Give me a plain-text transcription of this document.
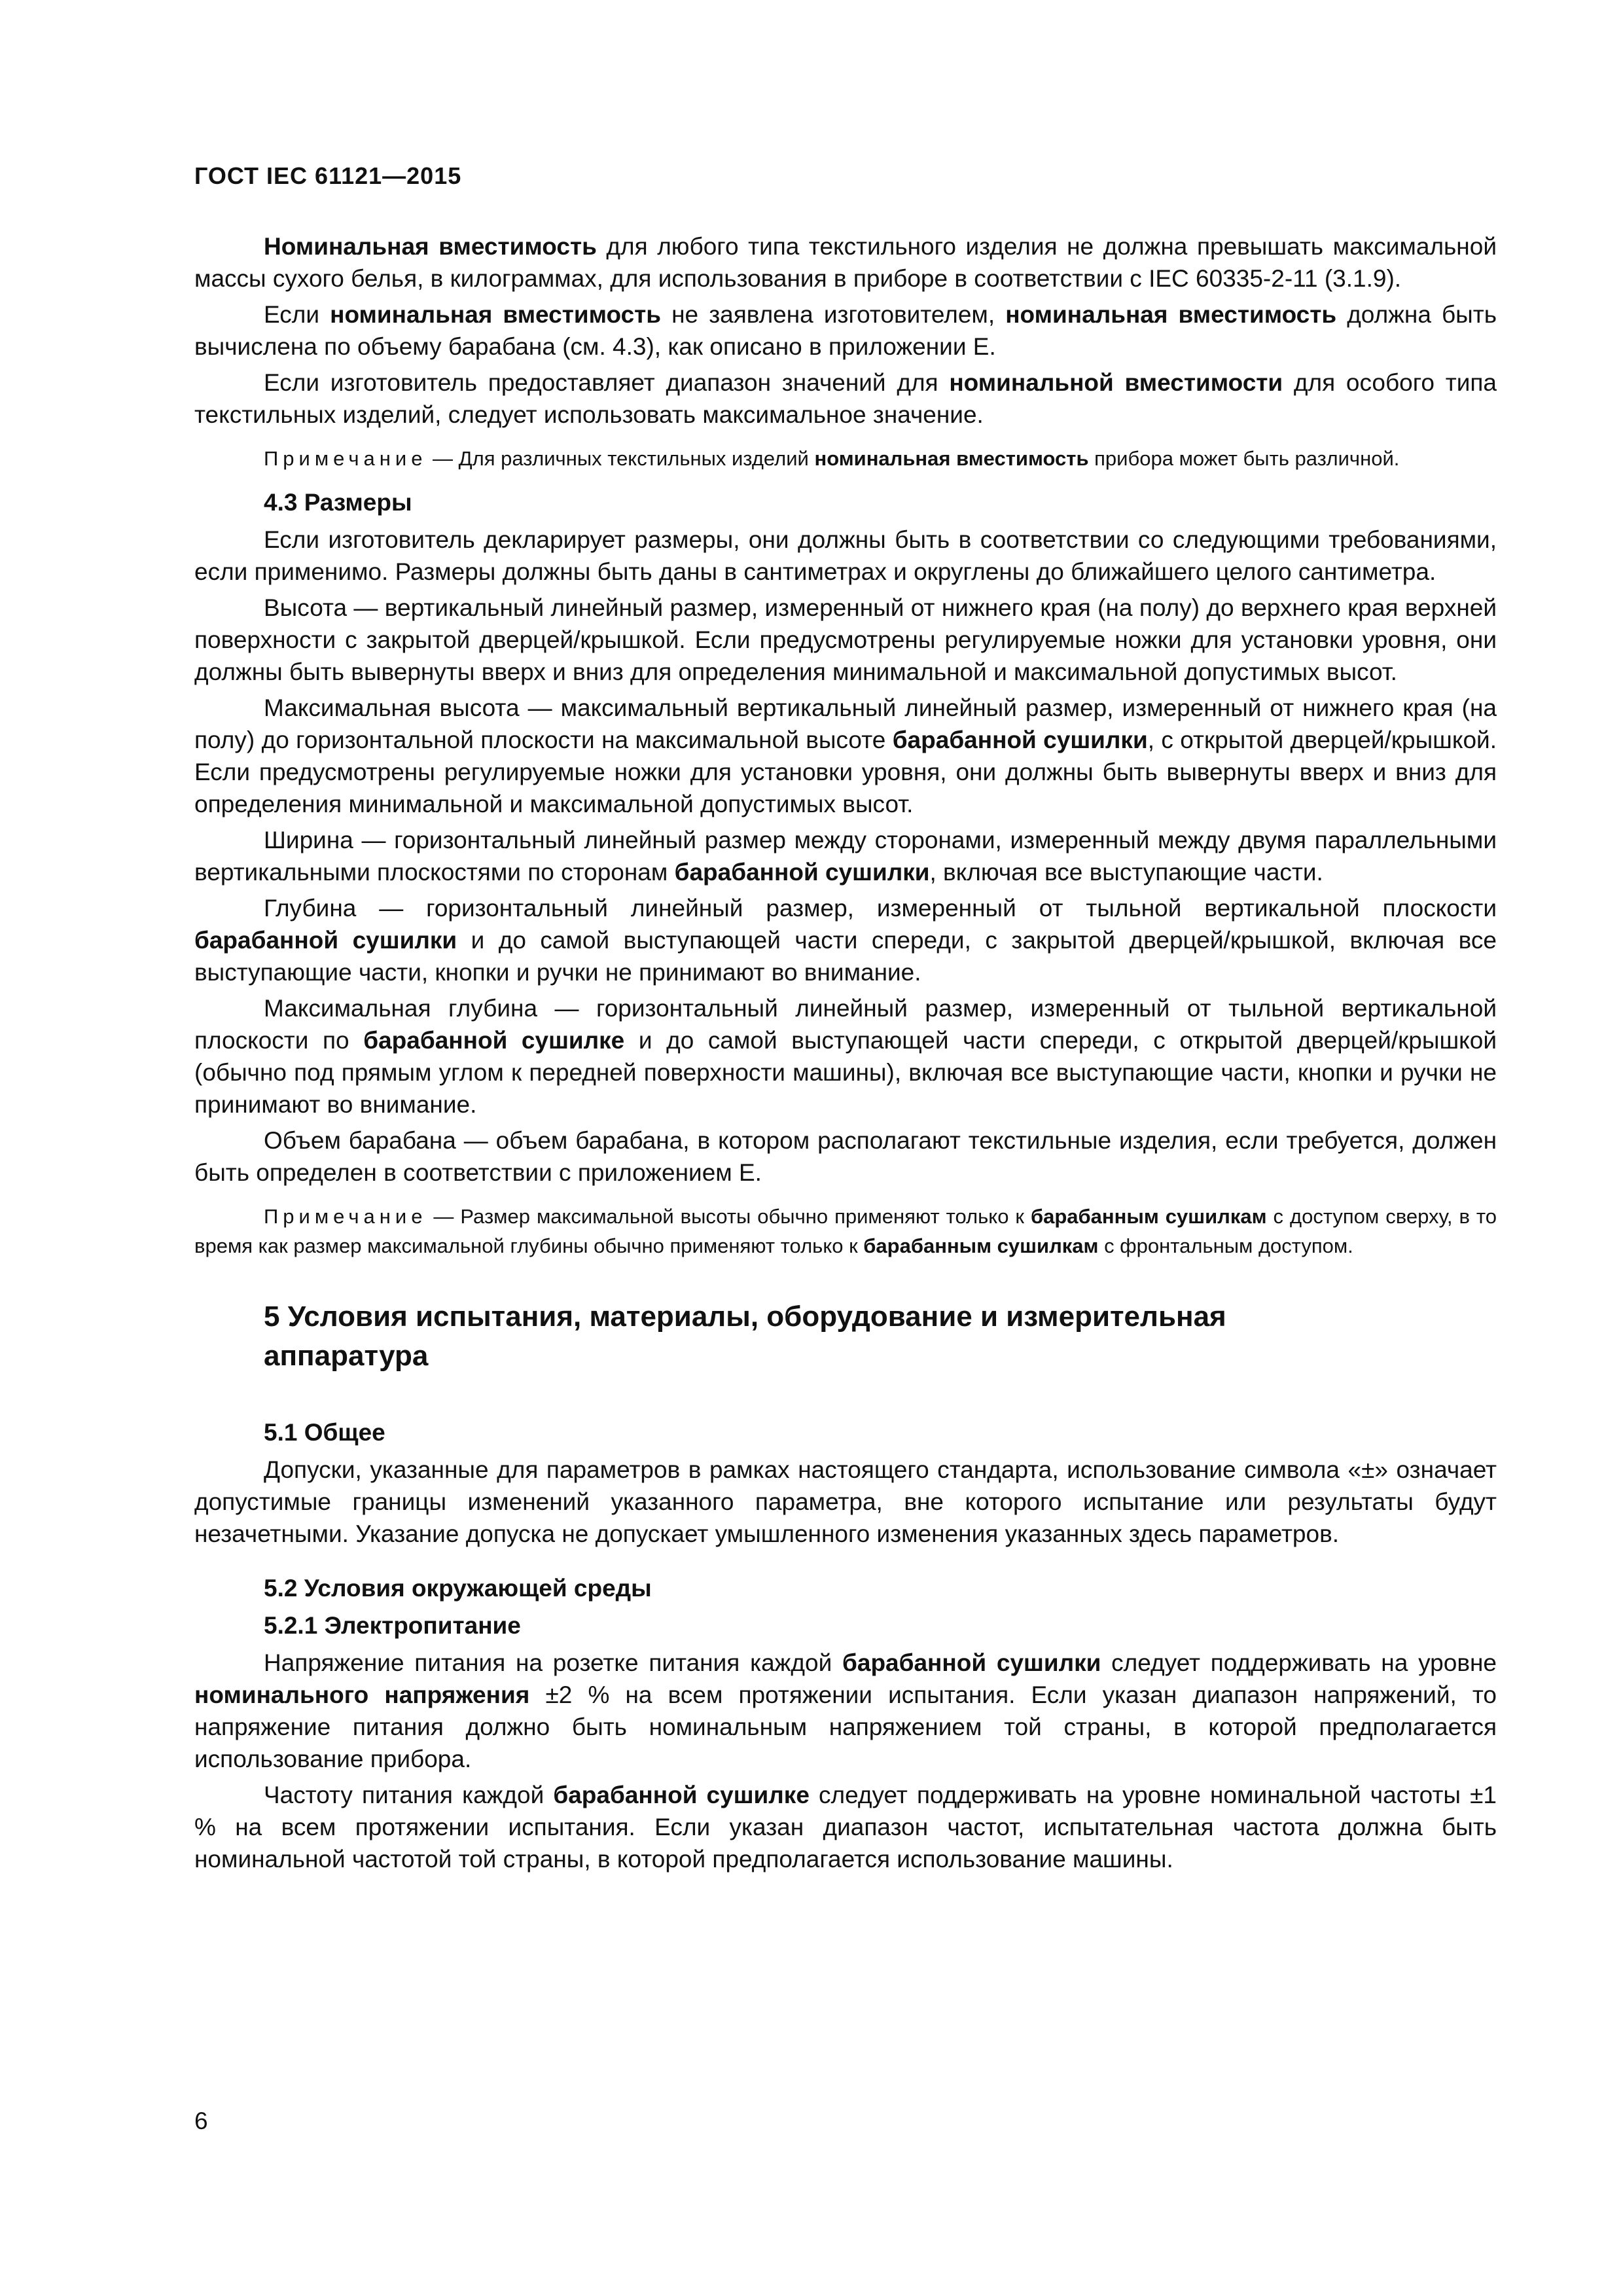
ГОСТ IEC 61121—2015

Номинальная вместимость для любого типа текстильного изделия не должна превышать максимальной массы сухого белья, в килограммах, для использования в приборе в соответствии с IEC 60335-2-11 (3.1.9).

Если номинальная вместимость не заявлена изготовителем, номинальная вместимость должна быть вычислена по объему барабана (см. 4.3), как описано в приложении Е.

Если изготовитель предоставляет диапазон значений для номинальной вместимости для особого типа текстильных изделий, следует использовать максимальное значение.

Примечание — Для различных текстильных изделий номинальная вместимость прибора может быть различной.

4.3 Размеры

Если изготовитель декларирует размеры, они должны быть в соответствии со следующими требованиями, если применимо. Размеры должны быть даны в сантиметрах и округлены до ближайшего целого сантиметра.

Высота — вертикальный линейный размер, измеренный от нижнего края (на полу) до верхнего края верхней поверхности с закрытой дверцей/крышкой. Если предусмотрены регулируемые ножки для установки уровня, они должны быть вывернуты вверх и вниз для определения минимальной и максимальной допустимых высот.

Максимальная высота — максимальный вертикальный линейный размер, измеренный от нижнего края (на полу) до горизонтальной плоскости на максимальной высоте барабанной сушилки, с открытой дверцей/крышкой. Если предусмотрены регулируемые ножки для установки уровня, они должны быть вывернуты вверх и вниз для определения минимальной и максимальной допустимых высот.

Ширина — горизонтальный линейный размер между сторонами, измеренный между двумя параллельными вертикальными плоскостями по сторонам барабанной сушилки, включая все выступающие части.

Глубина — горизонтальный линейный размер, измеренный от тыльной вертикальной плоскости барабанной сушилки и до самой выступающей части спереди, с закрытой дверцей/крышкой, включая все выступающие части, кнопки и ручки не принимают во внимание.

Максимальная глубина — горизонтальный линейный размер, измеренный от тыльной вертикальной плоскости по барабанной сушилке и до самой выступающей части спереди, с открытой дверцей/крышкой (обычно под прямым углом к передней поверхности машины), включая все выступающие части, кнопки и ручки не принимают во внимание.

Объем барабана — объем барабана, в котором располагают текстильные изделия, если требуется, должен быть определен в соответствии с приложением Е.

Примечание — Размер максимальной высоты обычно применяют только к барабанным сушилкам с доступом сверху, в то время как размер максимальной глубины обычно применяют только к барабанным сушилкам с фронтальным доступом.

5 Условия испытания, материалы, оборудование и измерительная аппаратура
5.1 Общее

Допуски, указанные для параметров в рамках настоящего стандарта, использование символа «±» означает допустимые границы изменений указанного параметра, вне которого испытание или результаты будут незачетными. Указание допуска не допускает умышленного изменения указанных здесь параметров.

5.2 Условия окружающей среды
5.2.1 Электропитание

Напряжение питания на розетке питания каждой барабанной сушилки следует поддерживать на уровне номинального напряжения ±2 % на всем протяжении испытания. Если указан диапазон напряжений, то напряжение питания должно быть номинальным напряжением той страны, в которой предполагается использование прибора.

Частоту питания каждой барабанной сушилке следует поддерживать на уровне номинальной частоты ±1 % на всем протяжении испытания. Если указан диапазон частот, испытательная частота должна быть номинальной частотой той страны, в которой предполагается использование машины.

6
